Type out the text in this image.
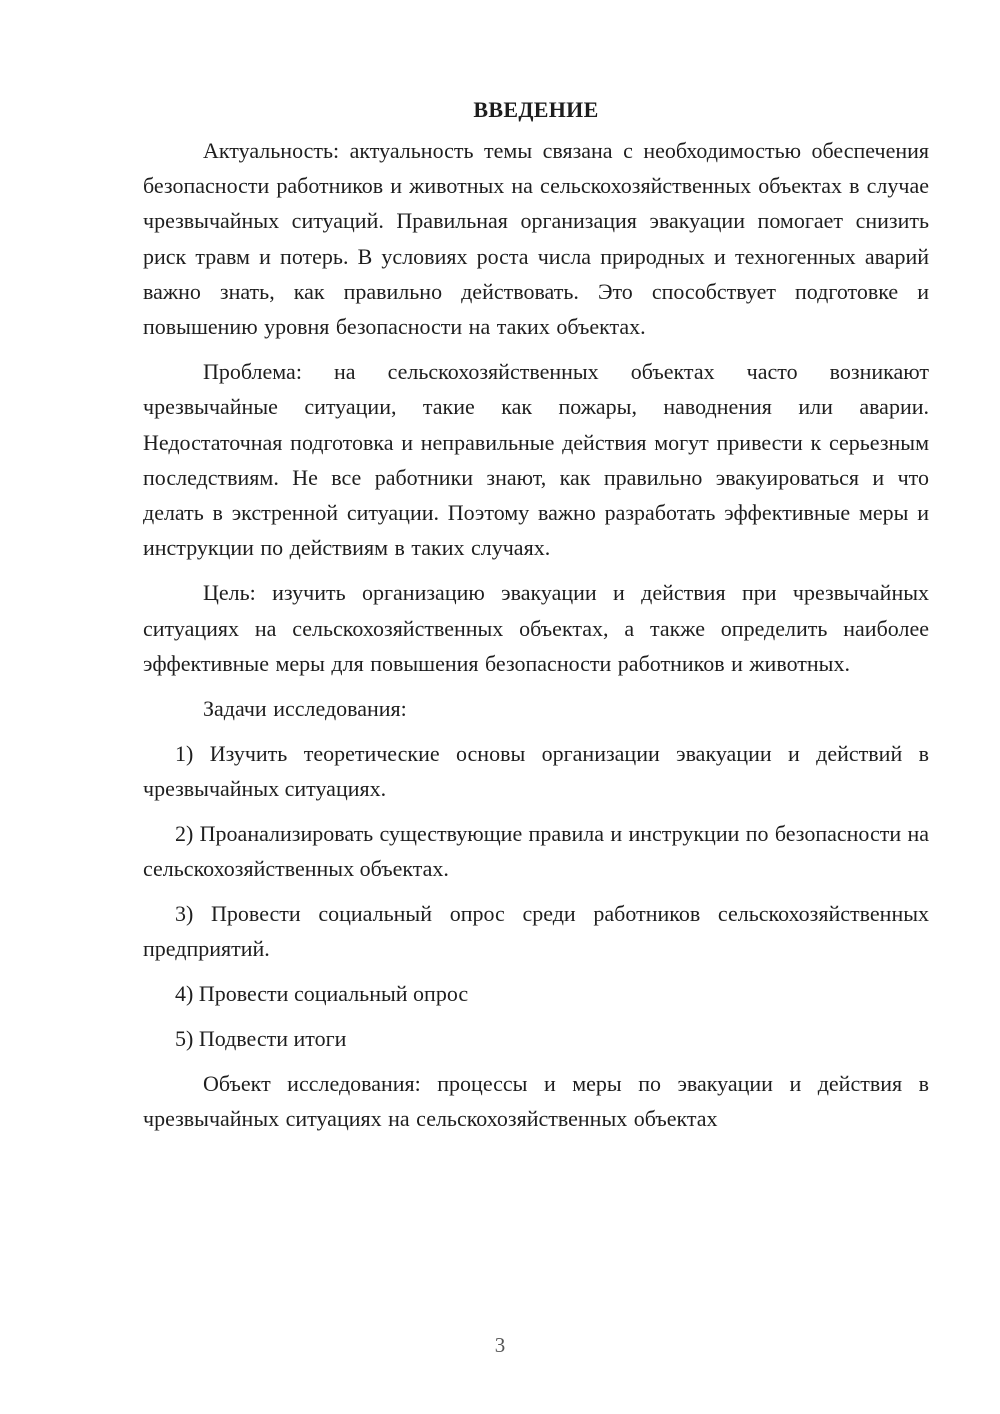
ВВЕДЕНИЕ

Актуальность: актуальность темы связана с необходимостью обеспечения безопасности работников и животных на сельскохозяйственных объектах в случае чрезвычайных ситуаций. Правильная организация эвакуации помогает снизить риск травм и потерь. В условиях роста числа природных и техногенных аварий важно знать, как правильно действовать. Это способствует подготовке и повышению уровня безопасности на таких объектах.

Проблема: на сельскохозяйственных объектах часто возникают чрезвычайные ситуации, такие как пожары, наводнения или аварии. Недостаточная подготовка и неправильные действия могут привести к серьезным последствиям. Не все работники знают, как правильно эвакуироваться и что делать в экстренной ситуации. Поэтому важно разработать эффективные меры и инструкции по действиям в таких случаях.

Цель: изучить организацию эвакуации и действия при чрезвычайных ситуациях на сельскохозяйственных объектах, а также определить наиболее эффективные меры для повышения безопасности работников и животных.

Задачи исследования:

1) Изучить теоретические основы организации эвакуации и действий в чрезвычайных ситуациях.

2) Проанализировать существующие правила и инструкции по безопасности на сельскохозяйственных объектах.

3) Провести социальный опрос среди работников сельскохозяйственных предприятий.

4) Провести социальный опрос

5) Подвести итоги

Объект исследования: процессы и меры по эвакуации и действия в чрезвычайных ситуациях на сельскохозяйственных объектах

3
